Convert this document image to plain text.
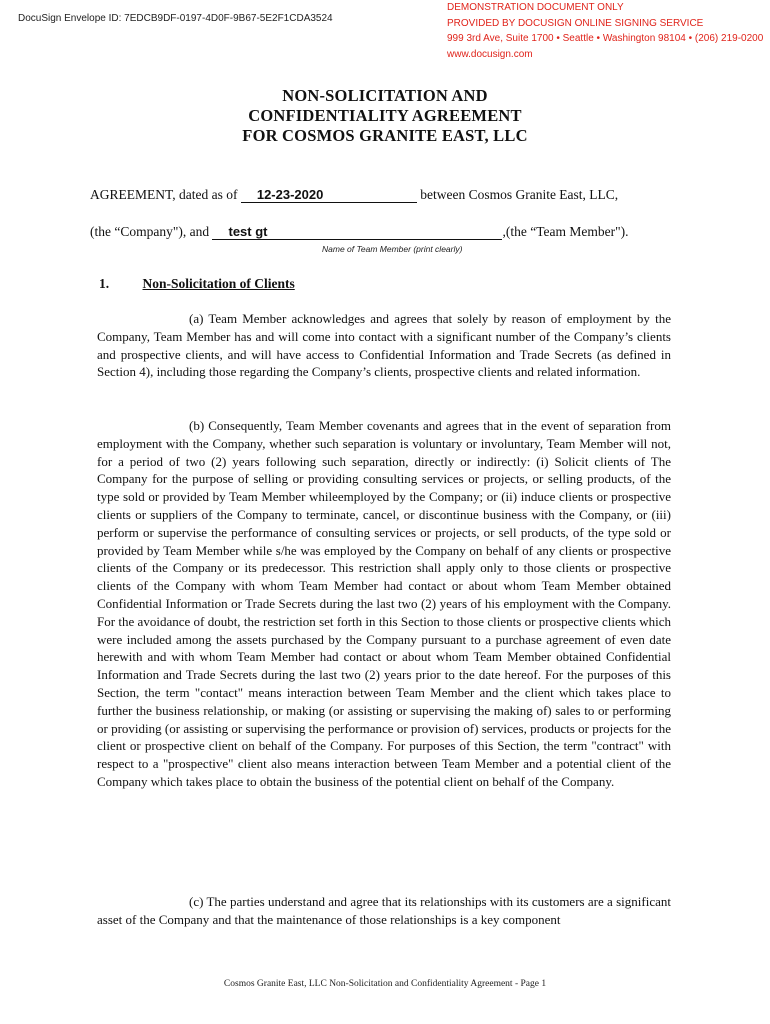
DocuSign Envelope ID: 7EDCB9DF-0197-4D0F-9B67-5E2F1CDA3524
DEMONSTRATION DOCUMENT ONLY
PROVIDED BY DOCUSIGN ONLINE SIGNING SERVICE
999 3rd Ave, Suite 1700 • Seattle • Washington 98104 • (206) 219-0200
www.docusign.com
NON-SOLICITATION AND
CONFIDENTIALITY AGREEMENT
FOR COSMOS GRANITE EAST, LLC
AGREEMENT, dated as of 12-23-2020	between Cosmos Granite East, LLC,
(the “Company"), and test gt	,(the “Team Member").
Name of Team Member (print clearly)
1. Non-Solicitation of Clients
(a) Team Member acknowledges and agrees that solely by reason of employment by the Company, Team Member has and will come into contact with a significant number of the Company’s clients and prospective clients, and will have access to Confidential Information and Trade Secrets (as defined in Section 4), including those regarding the Company’s clients, prospective clients and related information.
(b) Consequently, Team Member covenants and agrees that in the event of separation from employment with the Company, whether such separation is voluntary or involuntary, Team Member will not, for a period of two (2) years following such separation, directly or indirectly: (i) Solicit clients of The Company for the purpose of selling or providing consulting services or projects, or selling products, of the type sold or provided by Team Member whileemployed by the Company; or (ii) induce clients or prospective clients or suppliers of the Company to terminate, cancel, or discontinue business with the Company, or (iii) perform or supervise the performance of consulting services or projects, or sell products, of the type sold or provided by Team Member while s/he was employed by the Company on behalf of any clients or prospective clients of the Company or its predecessor. This restriction shall apply only to those clients or prospective clients of the Company with whom Team Member had contact or about whom Team Member obtained Confidential Information or Trade Secrets during the last two (2) years of his employment with the Company. For the avoidance of doubt, the restriction set forth in this Section to those clients or prospective clients which were included among the assets purchased by the Company pursuant to a purchase agreement of even date herewith and with whom Team Member had contact or about whom Team Member obtained Confidential Information and Trade Secrets during the last two (2) years prior to the date hereof. For the purposes of this Section, the term "contact" means interaction between Team Member and the client which takes place to further the business relationship, or making (or assisting or supervising the making of) sales to or performing or providing (or assisting or supervising the performance or provision of) services, products or projects for the client or prospective client on behalf of the Company. For purposes of this Section, the term "contract" with respect to a "prospective" client also means interaction between Team Member and a potential client of the Company which takes place to obtain the business of the potential client on behalf of the Company.
(c) The parties understand and agree that its relationships with its customers are a significant asset of the Company and that the maintenance of those relationships is a key component
Cosmos Granite East, LLC Non-Solicitation and Confidentiality Agreement - Page 1
